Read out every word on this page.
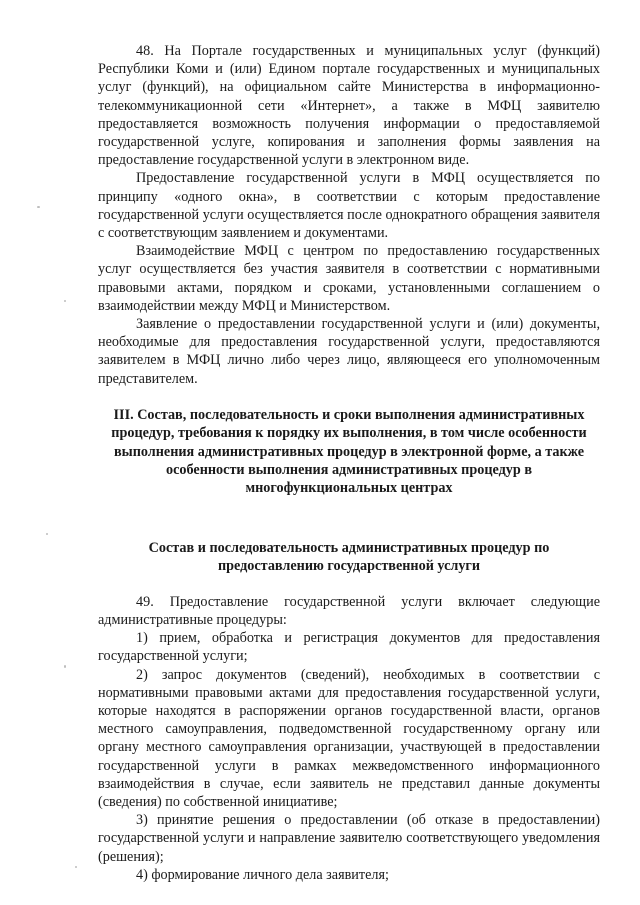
48. На Портале государственных и муниципальных услуг (функций) Республики Коми и (или) Едином портале государственных и муниципальных услуг (функций), на официальном сайте Министерства в информационно-телекоммуникационной сети «Интернет», а также в МФЦ заявителю предоставляется возможность получения информации о предоставляемой государственной услуге, копирования и заполнения формы заявления на предоставление государственной услуги в электронном виде.

Предоставление государственной услуги в МФЦ осуществляется по принципу «одного окна», в соответствии с которым предоставление государственной услуги осуществляется после однократного обращения заявителя с соответствующим заявлением и документами.

Взаимодействие МФЦ с центром по предоставлению государственных услуг осуществляется без участия заявителя в соответствии с нормативными правовыми актами, порядком и сроками, установленными соглашением о взаимодействии между МФЦ и Министерством.

Заявление о предоставлении государственной услуги и (или) документы, необходимые для предоставления государственной услуги, предоставляются заявителем в МФЦ лично либо через лицо, являющееся его уполномоченным представителем.

III. Состав, последовательность и сроки выполнения административных процедур, требования к порядку их выполнения, в том числе особенности выполнения административных процедур в электронной форме, а также особенности выполнения административных процедур в многофункциональных центрах
Состав и последовательность административных процедур по предоставлению государственной услуги

49. Предоставление государственной услуги включает следующие административные процедуры:

1) прием, обработка и регистрация документов для предоставления государственной услуги;

2) запрос документов (сведений), необходимых в соответствии с нормативными правовыми актами для предоставления государственной услуги, которые находятся в распоряжении органов государственной власти, органов местного самоуправления, подведомственной государственному органу или органу местного самоуправления организации, участвующей в предоставлении государственной услуги в рамках межведомственного информационного взаимодействия в случае, если заявитель не представил данные документы (сведения) по собственной инициативе;

3) принятие решения о предоставлении (об отказе в предоставлении) государственной услуги и направление заявителю соответствующего уведомления (решения);

4) формирование личного дела заявителя;
